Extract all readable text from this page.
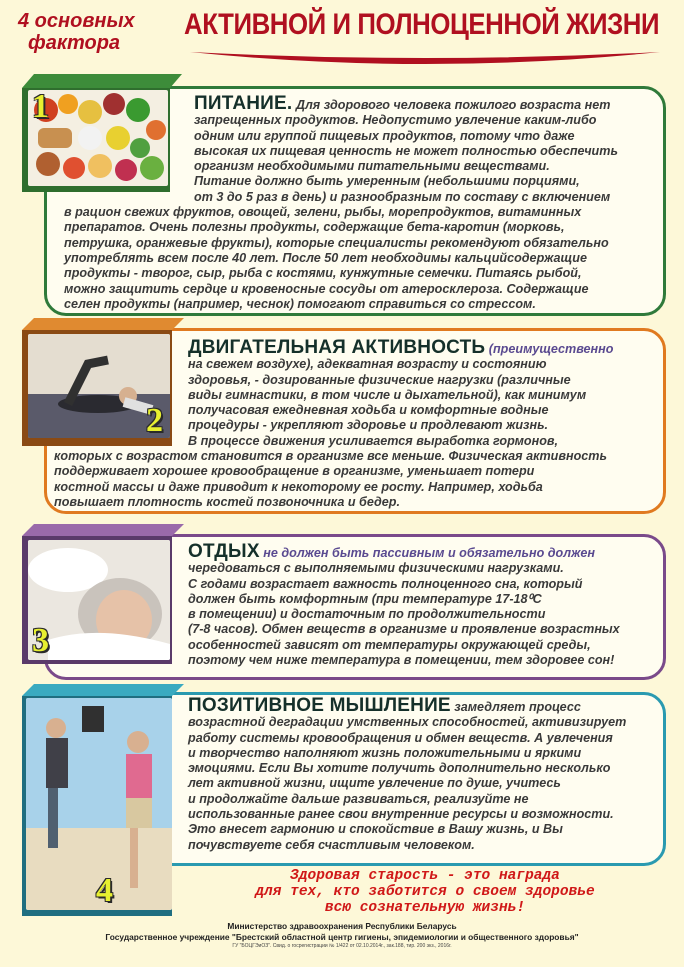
4 основных
фактора
АКТИВНОЙ И ПОЛНОЦЕННОЙ ЖИЗНИ
1	ПИТАНИЕ. Для здорового человека пожилого возраста нет
запрещенных продуктов. Недопустимо увлечение каким-либо
одним или группой пищевых продуктов, потому что даже
высокая их пищевая ценность не может полностью обеспечить
организм необходимыми питательными веществами.
Питание должно быть умеренным (небольшими порциями,
от 3 до 5 раз в день) и разнообразным по составу с включением
в рацион свежих фруктов, овощей, зелени, рыбы, морепродуктов, витаминных
препаратов. Очень полезны продукты, содержащие бета-каротин (морковь,
петрушка, оранжевые фрукты), которые специалисты рекомендуют обязательно
употреблять всем после 40 лет. После 50 лет необходимы кальцийсодержащие
продукты - творог, сыр, рыба с костями, кунжутные семечки. Питаясь рыбой,
можно защитить сердце и кровеносные сосуды от атеросклероза. Содержащие
селен продукты (например, чеснок) помогают справиться со стрессом.
2
ДВИГАТЕЛЬНАЯ АКТИВНОСТЬ (преимущественно
на свежем воздухе), адекватная возрасту и состоянию
здоровья, - дозированные физические нагрузки (различные
виды гимнастики, в том числе и дыхательной), как минимум
получасовая ежедневная ходьба и комфортные водные
процедуры - укрепляют здоровье и продлевают жизнь.
В процессе движения усиливается выработка гормонов,
которых с возрастом становится в организме все меньше. Физическая активность
поддерживает хорошее кровообращение в организме, уменьшает потери
костной массы и даже приводит к некоторому ее росту. Например, ходьба
повышает плотность костей позвоночника и бедер.
3
ОТДЫХ не должен быть пассивным и обязательно должен
чередоваться с выполняемыми физическими нагрузками.
С годами возрастает важность полноценного сна, который
должен быть комфортным (при температуре 17-18⁰С
в помещении) и достаточным по продолжительности
(7-8 часов). Обмен веществ в организме и проявление возрастных
особенностей зависят от температуры окружающей среды,
поэтому чем ниже температура в помещении, тем здоровее сон!
4
ПОЗИТИВНОЕ МЫШЛЕНИЕ замедляет процесс
возрастной деградации умственных способностей, активизирует
работу системы кровообращения и обмен веществ. А увлечения
и творчество наполняют жизнь положительными и яркими
эмоциями. Если Вы хотите получить дополнительно несколько
лет активной жизни, ищите увлечение по душе, учитесь
и продолжайте дальше развиваться, реализуйте не
использованные ранее свои внутренние ресурсы и возможности.
Это внесет гармонию и спокойствие в Вашу жизнь, и Вы
почувствуете себя счастливым человеком.
Здоровая старость - это награда
для тех, кто заботится о своем здоровье
всю сознательную жизнь!
Министерство здравоохранения Республики Беларусь
Государственное учреждение "Брестский областной центр гигиены, эпидемиологии и общественного здоровья"
ГУ "БОЦГЭиОЗ". Свид. о госрегистрации № 1/422 от 02.10.2014г., зак.188, тир. 200 экз., 2016г.
